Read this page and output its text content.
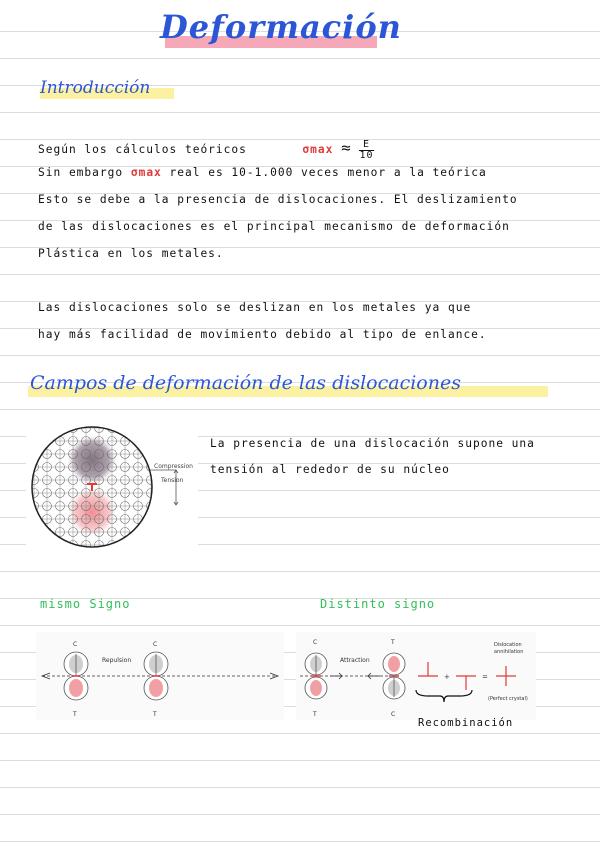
Deformación
Introducción
Según los cálculos teóricos	$\sigma\max \approx \frac{E}{10}$
Sin embargo σmax real es 10-1.000 veces menor a la teórica
Esto se debe a la presencia de dislocaciones. El deslizamiento
de las dislocaciones es el principal mecanismo de deformación
Plástica en los metales.
Las dislocaciones solo se deslizan en los metales ya que
hay más facilidad de movimiento debido al tipo de enlance.
Campos de deformación de las dislocaciones
Compression
Tension
La presencia de una dislocación supone una
tensión al rededor de su núcleo
mismo Signo
C
T
C
T
Repulsion
Distinto signo
C
T
T
C
Attraction
+	=
Dislocation
annihilation
(Perfect crystal)
Recombinación
